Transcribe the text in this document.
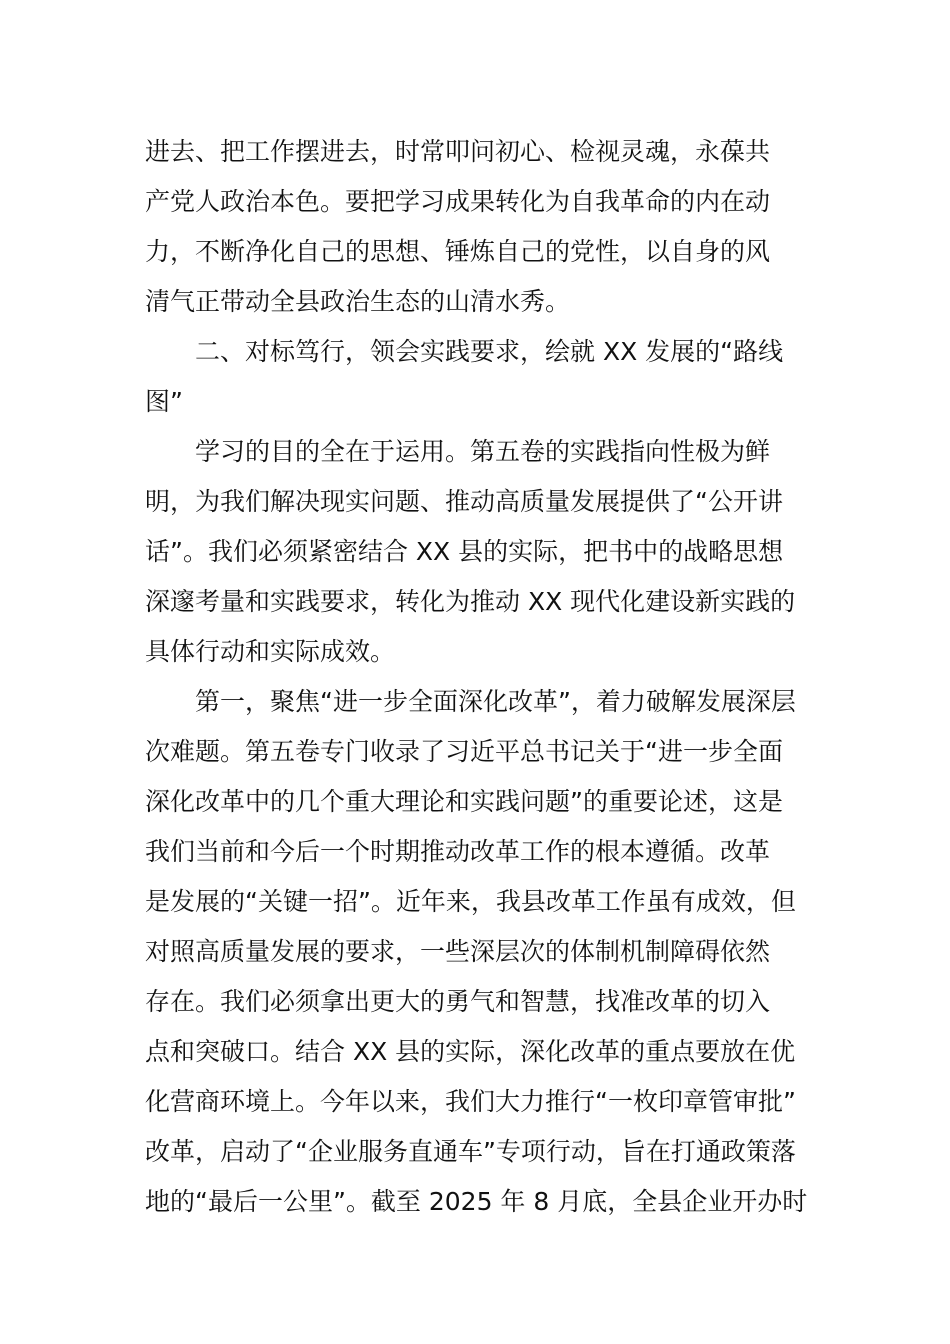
进去、把工作摆进去，时常叩问初心、检视灵魂，永葆共
产党人政治本色。要把学习成果转化为自我革命的内在动
力，不断净化自己的思想、锤炼自己的党性，以自身的风
清气正带动全县政治生态的山清水秀。
二、对标笃行，领会实践要求，绘就 XX 发展的“路线
图”
学习的目的全在于运用。第五卷的实践指向性极为鲜
明，为我们解决现实问题、推动高质量发展提供了“公开讲
话”。我们必须紧密结合 XX 县的实际，把书中的战略思想
深邃考量和实践要求，转化为推动 XX 现代化建设新实践的
具体行动和实际成效。
第一，聚焦“进一步全面深化改革”，着力破解发展深层
次难题。第五卷专门收录了习近平总书记关于“进一步全面
深化改革中的几个重大理论和实践问题”的重要论述，这是
我们当前和今后一个时期推动改革工作的根本遵循。改革
是发展的“关键一招”。近年来，我县改革工作虽有成效，但
对照高质量发展的要求，一些深层次的体制机制障碍依然
存在。我们必须拿出更大的勇气和智慧，找准改革的切入
点和突破口。结合 XX 县的实际，深化改革的重点要放在优
化营商环境上。今年以来，我们大力推行“一枚印章管审批”
改革，启动了“企业服务直通车”专项行动，旨在打通政策落
地的“最后一公里”。截至 2025 年 8 月底，全县企业开办时
